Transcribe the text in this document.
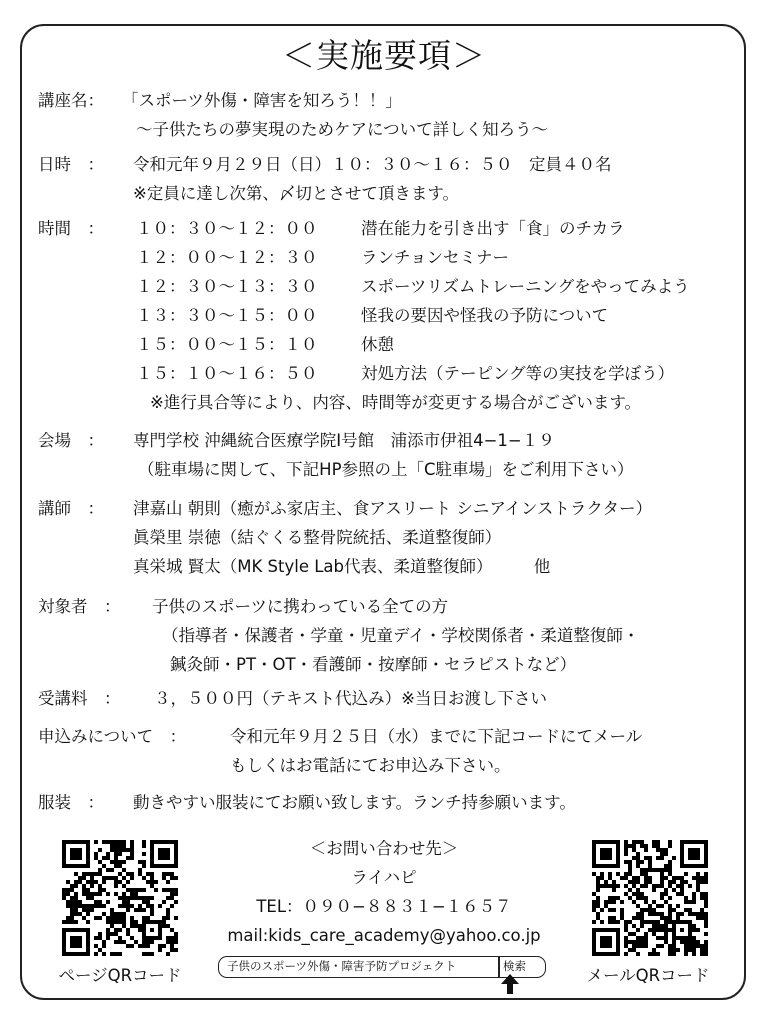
＜実施要項＞
講座名： 「スポーツ外傷・障害を知ろう！！」
〜子供たちの夢実現のためケアについて詳しく知ろう〜
日時　： 令和元年９月２９日（日）１０：３０〜１６：５０　定員４０名
※定員に達し次第、〆切とさせて頂きます。
時間　： １０：３０〜１２：００	潜在能力を引き出す「食」のチカラ
１２：００〜１２：３０	ランチョンセミナー
１２：３０〜１３：３０	スポーツリズムトレーニングをやってみよう
１３：３０〜１５：００	怪我の要因や怪我の予防について
１５：００〜１５：１０	休憩
１５：１０〜１６：５０	対処方法（テーピング等の実技を学ぼう）
※進行具合等により、内容、時間等が変更する場合がございます。
会場　： 専門学校 沖縄統合医療学院Ⅰ号館　浦添市伊祖4−1−１９
（駐車場に関して、下記HP参照の上「C駐車場」をご利用下さい）
講師　： 津嘉山 朝則（癒がふ家店主、食アスリート シニアインストラクター）
眞榮里 崇徳（結ぐくる整骨院統括、柔道整復師）
真栄城 賢太（MK Style Lab代表、柔道整復師）　　　他
対象者　： 子供のスポーツに携わっている全ての方
（指導者・保護者・学童・児童デイ・学校関係者・柔道整復師・
鍼灸師・PT・OT・看護師・按摩師・セラピストなど）
受講料　： ３，５００円（テキスト代込み）※当日お渡し下さい
申込みについて　：	令和元年９月２５日（水）までに下記コードにてメール
もしくはお電話にてお申込み下さい。
服装　： 動きやすい服装にてお願い致します。ランチ持参願います。
ページQRコード	メールQRコード
＜お問い合わせ先＞
ライハピ
TEL：０９０−８８３１−１６５７
mail:kids_care_academy@yahoo.co.jp
子供のスポーツ外傷・障害予防プロジェクト	検索
